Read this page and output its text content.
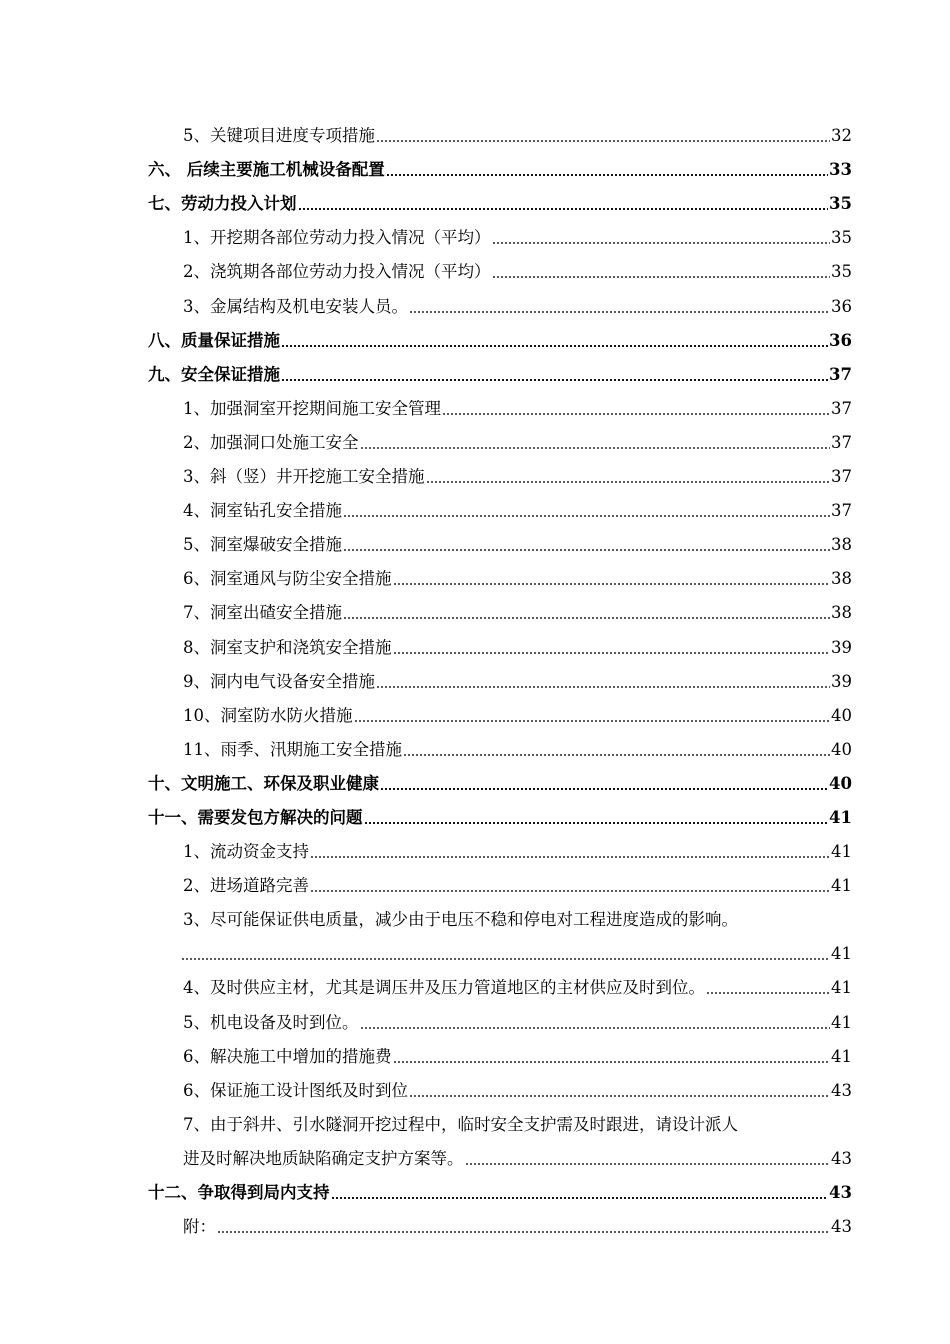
5、关键项目进度专项措施	32
六、 后续主要施工机械设备配置	33
七、劳动力投入计划	35
1、开挖期各部位劳动力投入情况（平均）	35
2、浇筑期各部位劳动力投入情况（平均）	35
3、金属结构及机电安装人员。	36
八、质量保证措施	36
九、安全保证措施	37
1、加强洞室开挖期间施工安全管理	37
2、加强洞口处施工安全	37
3、斜（竖）井开挖施工安全措施	37
4、洞室钻孔安全措施	37
5、洞室爆破安全措施	38
6、洞室通风与防尘安全措施	38
7、洞室出碴安全措施	38
8、洞室支护和浇筑安全措施	39
9、洞内电气设备安全措施	39
10、洞室防水防火措施	40
11、雨季、汛期施工安全措施	40
十、文明施工、环保及职业健康	40
十一、需要发包方解决的问题	41
1、流动资金支持	41
2、进场道路完善	41
3、尽可能保证供电质量，减少由于电压不稳和停电对工程进度造成的影响。
41
4、及时供应主材，尤其是调压井及压力管道地区的主材供应及时到位。	41
5、机电设备及时到位。	41
6、解决施工中增加的措施费	41
6、保证施工设计图纸及时到位	43
7、由于斜井、引水隧洞开挖过程中，临时安全支护需及时跟进，请设计派人
进及时解决地质缺陷确定支护方案等。	43
十二、争取得到局内支持	43
附：	43
